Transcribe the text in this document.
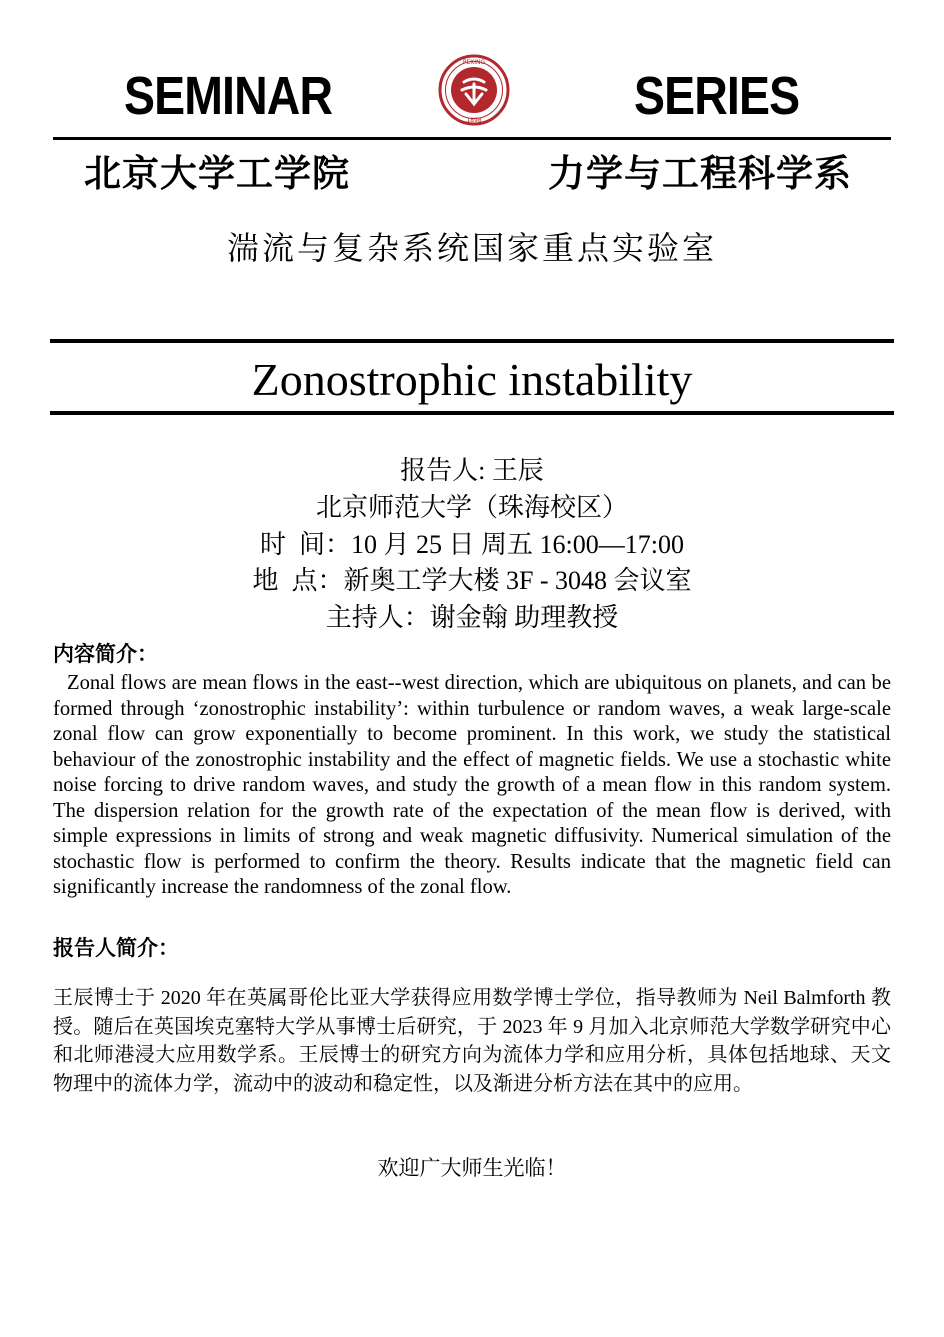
SEMINAR	SERIES
PEKING
1898
北京大学工学院	力学与工程科学系
湍流与复杂系统国家重点实验室
Zonostrophic instability
报告人: 王辰
北京师范大学（珠海校区）
时  间：10 月 25 日 周五 16:00—17:00
地  点：新奥工学大楼 3F - 3048 会议室
主持人：谢金翰 助理教授
内容简介：

Zonal flows are mean flows in the east--west direction, which are ubiquitous on planets, and can be formed through ‘zonostrophic instability’: within turbulence or random waves, a weak large-scale zonal flow can grow exponentially to become prominent. In this work, we study the statistical behaviour of the zonostrophic instability and the effect of magnetic fields. We use a stochastic white noise forcing to drive random waves, and study the growth of a mean flow in this random system. The dispersion relation for the growth rate of the expectation of the mean flow is derived, with simple expressions in limits of strong and weak magnetic diffusivity. Numerical simulation of the stochastic flow is performed to confirm the theory. Results indicate that the magnetic field can significantly increase the randomness of the zonal flow.

报告人简介：

王辰博士于 2020 年在英属哥伦比亚大学获得应用数学博士学位，指导教师为 Neil Balmforth 教授。随后在英国埃克塞特大学从事博士后研究，于 2023 年 9 月加入北京师范大学数学研究中心和北师港浸大应用数学系。王辰博士的研究方向为流体力学和应用分析，具体包括地球、天文物理中的流体力学，流动中的波动和稳定性，以及渐进分析方法在其中的应用。

欢迎广大师生光临！
